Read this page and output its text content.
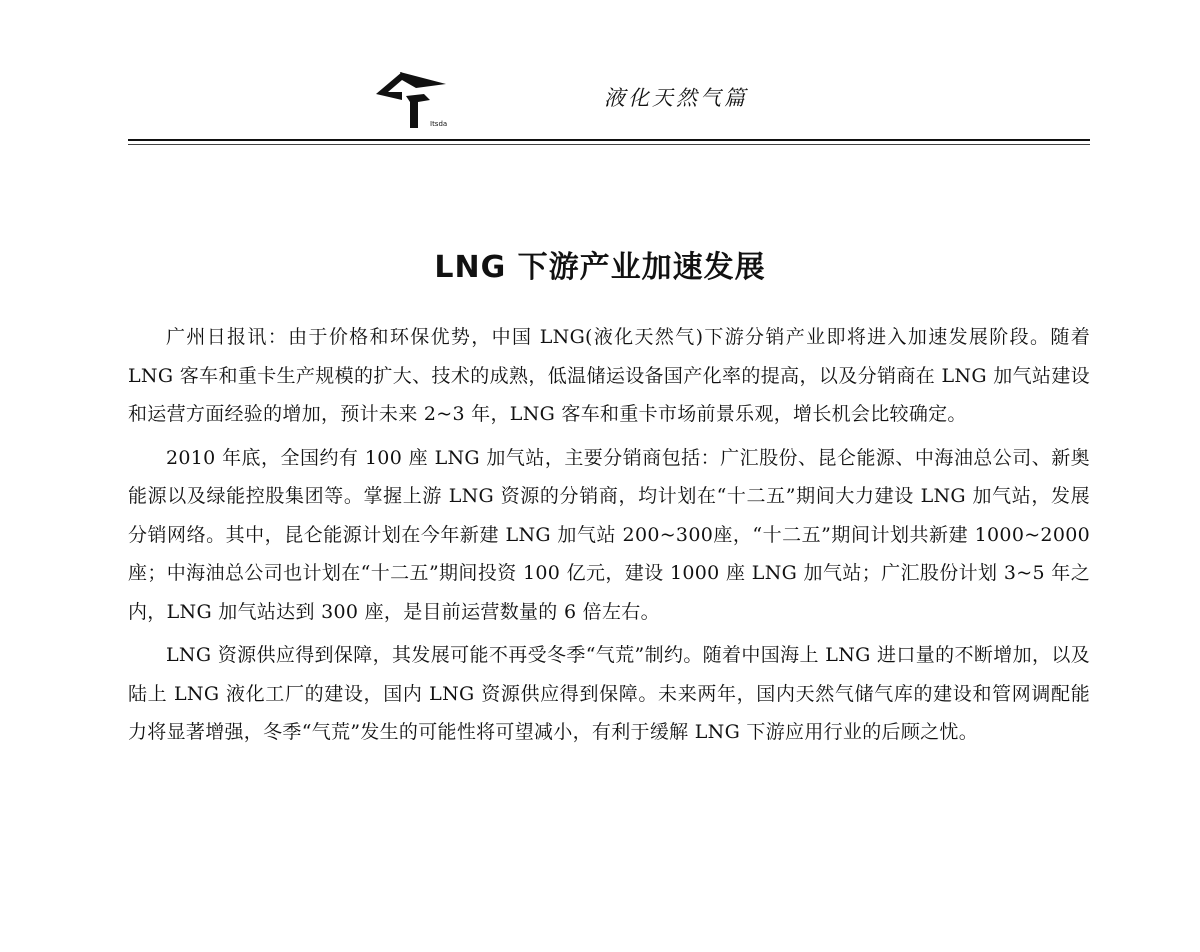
Itsda
液化天然气篇
LNG 下游产业加速发展

广州日报讯：由于价格和环保优势，中国 LNG(液化天然气)下游分销产业即将进入加速发展阶段。随着 LNG 客车和重卡生产规模的扩大、技术的成熟，低温储运设备国产化率的提高，以及分销商在 LNG 加气站建设和运营方面经验的增加，预计未来 2~3 年，LNG 客车和重卡市场前景乐观，增长机会比较确定。

2010 年底，全国约有 100 座 LNG 加气站，主要分销商包括：广汇股份、昆仑能源、中海油总公司、新奥能源以及绿能控股集团等。掌握上游 LNG 资源的分销商，均计划在“十二五”期间大力建设 LNG 加气站，发展分销网络。其中，昆仑能源计划在今年新建 LNG 加气站 200~300座，“十二五”期间计划共新建 1000~2000 座；中海油总公司也计划在“十二五”期间投资 100 亿元，建设 1000 座 LNG 加气站；广汇股份计划 3~5 年之内，LNG 加气站达到 300 座，是目前运营数量的 6 倍左右。

LNG 资源供应得到保障，其发展可能不再受冬季“气荒”制约。随着中国海上 LNG 进口量的不断增加，以及陆上 LNG 液化工厂的建设，国内 LNG 资源供应得到保障。未来两年，国内天然气储气库的建设和管网调配能力将显著增强，冬季“气荒”发生的可能性将可望减小，有利于缓解 LNG 下游应用行业的后顾之忧。
